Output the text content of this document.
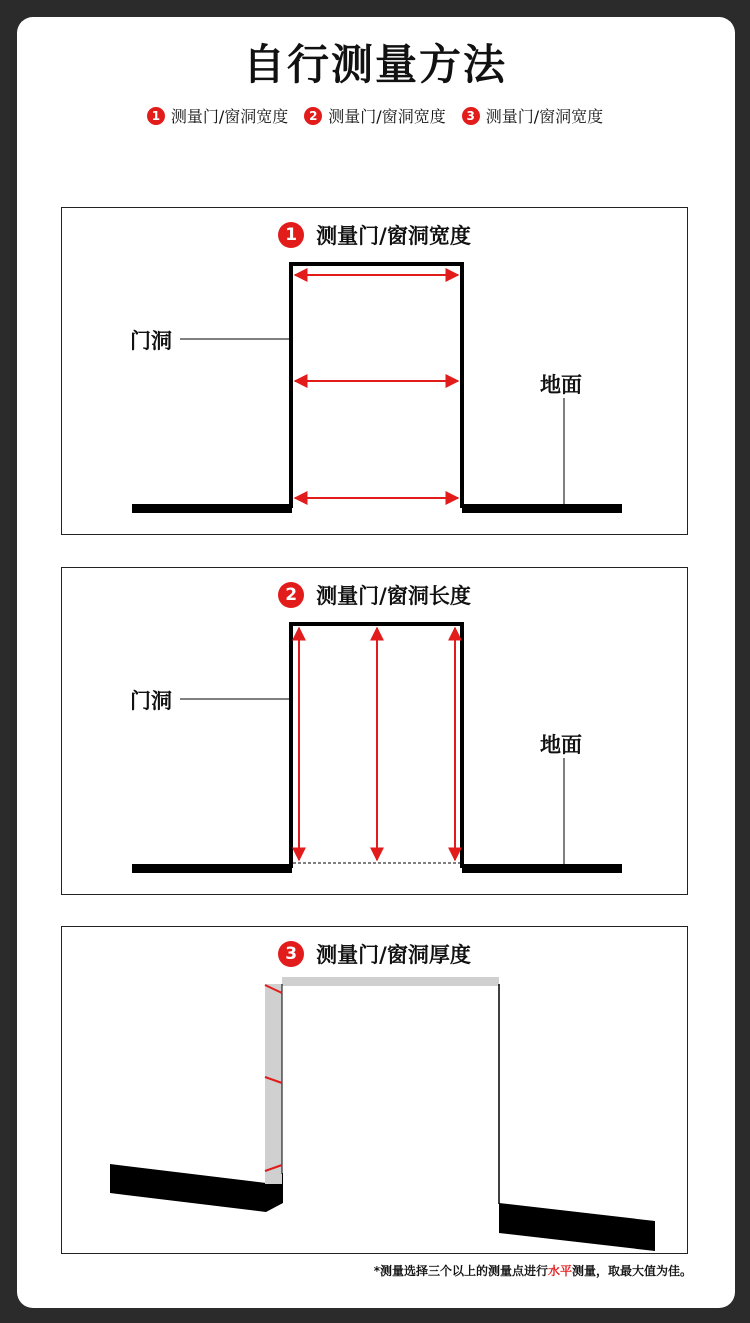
自行测量方法
1 测量门/窗洞宽度	2 测量门/窗洞宽度	3 测量门/窗洞宽度
1 测量门/窗洞宽度
门洞
地面
2 测量门/窗洞长度
门洞
地面
3 测量门/窗洞厚度
*测量选择三个以上的测量点进行水平测量，取最大值为佳。
